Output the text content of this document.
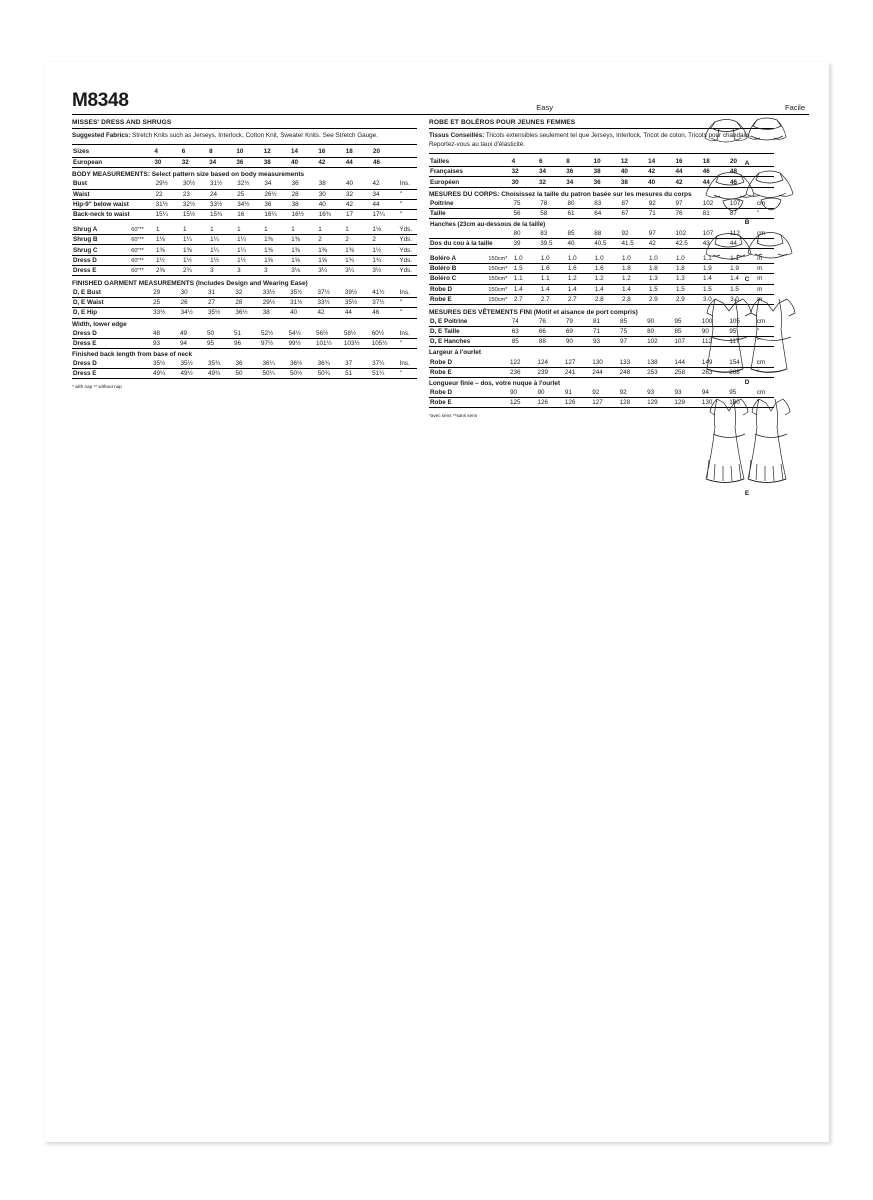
M8348	Easy	Facile
MISSES' DRESS AND SHRUGS
Suggested Fabrics: Stretch Knits such as Jerseys, Interlock, Cotton Knit, Sweater Knits. See Stretch Gauge.
Sizes	4	6	8	10	12	14	16	18	20	
European	30	32	34	36	38	40	42	44	46	
BODY MEASUREMENTS: Select pattern size based on body measurements
Bust	29½	30½	31½	32½	34	36	38	40	42	Ins.
Waist	22	23	24	25	26½	28	30	32	34	"
Hip-9" below waist	31½	32½	33½	34½	36	38	40	42	44	"
Back-neck to waist	15¼	15½	15¾	16	16¼	16½	16¾	17	17¼	"
Shrug A	60"**	1	1	1	1	1	1	1	1	1⅛	Yds.
Shrug B	60"**	1⅛	1¼	1¼	1¼	1⅜	1⅜	2	2	2	Yds.
Shrug C	60"**	1⅜	1⅜	1¼	1¼	1⅜	1⅜	1⅜	1⅜	1½	Yds.
Dress D	60"**	1½	1½	1½	1½	1⅝	1⅝	1⅝	1¾	1¾	Yds.
Dress E	60"**	2⅝	2¾	3	3	3	3⅛	3¼	3¼	3½	Yds.
FINISHED GARMENT MEASUREMENTS (Includes Design and Wearing Ease)
D, E Bust	29	30	31	32	33½	35½	37½	39½	41½	Ins.
D, E Waist	25	26	27	28	29½	31½	33½	35½	37½	"
D, E Hip	33½	34½	35½	36½	38	40	42	44	46	"
Width, lower edge
Dress D	48	49	50	51	52½	54½	56½	58½	60½	Ins.
Dress E	93	94	95	96	97½	99½	101½	103½	105½	"
Finished back length from base of neck
Dress D	35½	35½	35¾	36	36¼	36½	36¾	37	37¼	Ins.
Dress E	49¼	49½	49¾	50	50¼	50½	50¾	51	51¼	"
* with nap ** without nap
ROBE ET BOLÉROS POUR JEUNES FEMMES
Tissus Conseillés: Tricots extensibles seulement tel que Jerseys, Interlock, Tricot de coton, Tricots pour chandails. Reportez-vous au taux d'élasticité.
Tailles	4	6	8	10	12	14	16	18	20	
Françaises	32	34	36	38	40	42	44	46	48	
Européen	30	32	34	36	38	40	42	44	46	
MESURES DU CORPS: Choisissez la taille du patron basée sur les mesures du corps
Poitrine	75	78	80	83	87	92	97	102	107	cm
Taille	56	58	61	64	67	71	76	81	87	"
Hanches (23cm au-dessous de la taille)										
	80	83	85	88	92	97	102	107	112	cm
Dos du cou à la taille	39	39.5	40	40.5	41.5	42	42.5	43	44	"
Boléro A	150cm*	1.0	1.0	1.0	1.0	1.0	1.0	1.0	1.1	1.1	m
Boléro B	150cm*	1.5	1.6	1.6	1.6	1.8	1.8	1.8	1.9	1.9	m
Boléro C	150cm*	1.1	1.1	1.2	1.2	1.2	1.3	1.3	1.4	1.4	m
Robe D	150cm*	1.4	1.4	1.4	1.4	1.4	1.5	1.5	1.5	1.5	m
Robe E	150cm*	2.7	2.7	2.7	2.8	2.8	2.9	2.9	3.0	3.0	m
MESURES DES VÊTEMENTS FINI (Motif et aisance de port compris)
D, E Poitrine	74	76	79	81	85	90	95	100	105	cm
D, E Taille	63	66	69	71	75	80	85	90	95	"
D, E Hanches	85	88	90	93	97	102	107	112	117	"
Largeur à l'ourlet
Robe D	122	124	127	130	133	138	144	149	154	cm
Robe E	236	239	241	244	248	253	258	263	268	"
Longueur finie – dos, votre nuque à l'ourlet
Robe D	90	90	91	92	92	93	93	94	95	cm
Robe E	125	126	126	127	128	129	129	130	130	"
*avec sens **sans sens
A
B
C
D
E
